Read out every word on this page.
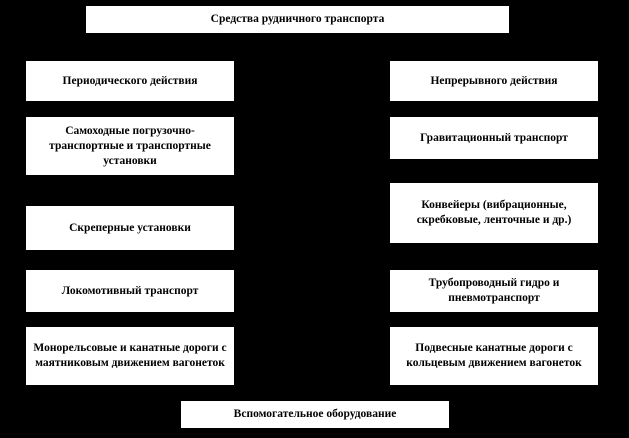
Средства рудничного транспорта
Периодического действия
Самоходные погрузочно-транспортные и транспортные установки
Скреперные установки
Локомотивный транспорт
Монорельсовые и канатные дороги с маятниковым движением вагонеток
Непрерывного действия
Гравитационный транспорт
Конвейеры (вибрационные, скребковые, ленточные и др.)
Трубопроводный гидро и пневмотранспорт
Подвесные канатные дороги с кольцевым движением вагонеток
Вспомогательное оборудование
